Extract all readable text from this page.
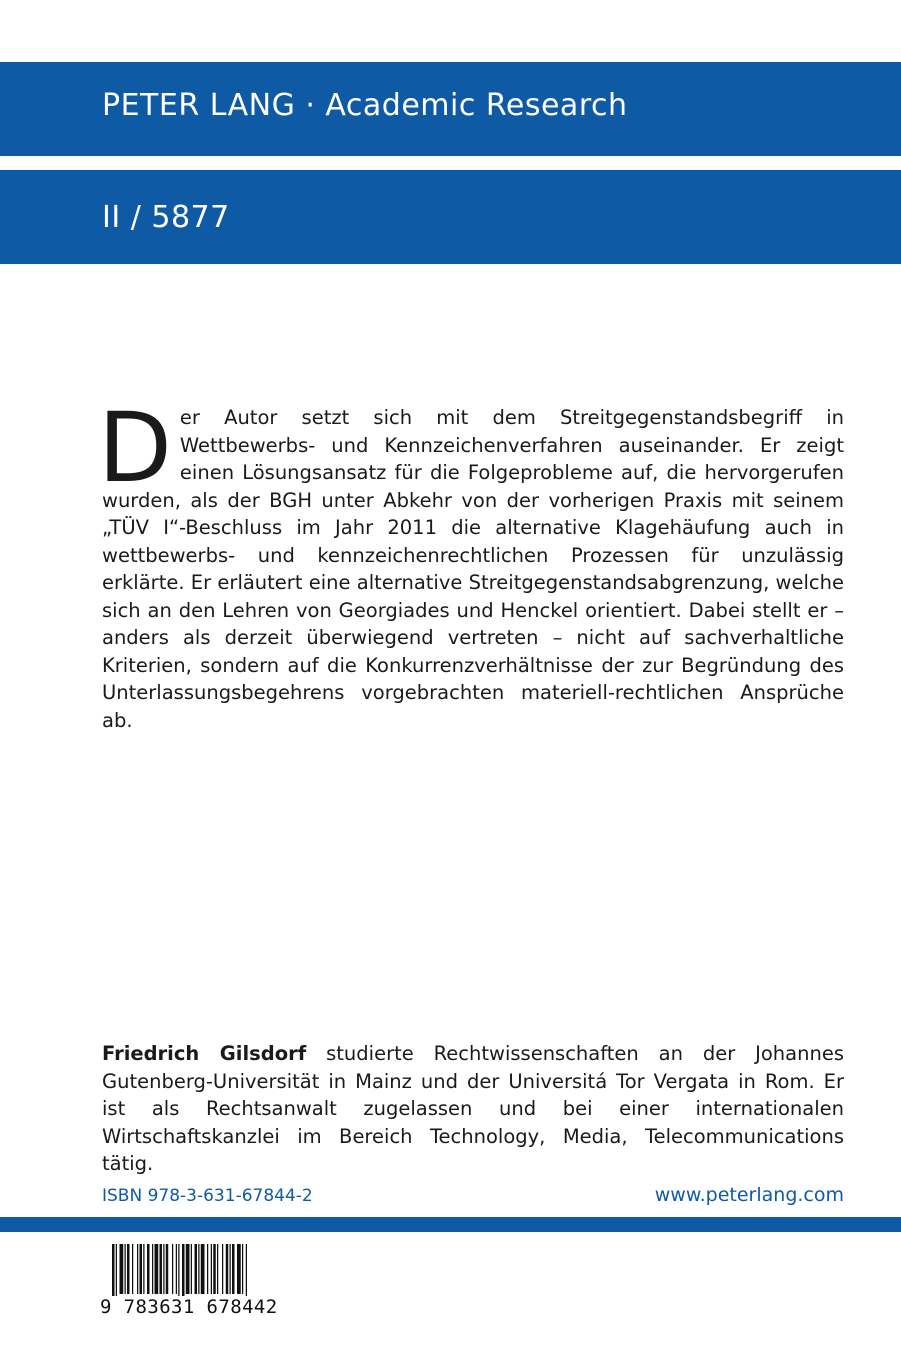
PETER LANG · Academic Research
II / 5877

Der Autor setzt sich mit dem Streitgegenstandsbegriff in Wettbewerbs- und Kennzeichenverfahren auseinander. Er zeigt einen Lösungsansatz für die Folgeprobleme auf, die hervorgerufen wurden, als der BGH unter Abkehr von der vorherigen Praxis mit seinem „TÜV I“-Beschluss im Jahr 2011 die alternative Klagehäufung auch in wettbewerbs- und kennzeichenrechtlichen Prozessen für unzulässig erklärte. Er erläutert eine alternative Streitgegenstandsabgrenzung, welche sich an den Lehren von Georgiades und Henckel orientiert. Dabei stellt er – anders als derzeit überwiegend vertreten – nicht auf sachverhaltliche Kriterien, sondern auf die Konkurrenzverhältnisse der zur Begründung des Unterlassungsbegehrens vorgebrachten materiell-rechtlichen Ansprüche ab.

Friedrich Gilsdorf studierte Rechtwissenschaften an der Johannes Gutenberg-Universität in Mainz und der Universitá Tor Vergata in Rom. Er ist als Rechtsanwalt zugelassen und bei einer internationalen Wirtschaftskanzlei im Bereich Technology, Media, Telecommunications tätig.

ISBN 978-3-631-67844-2	www.peterlang.com
9 783631 678442
